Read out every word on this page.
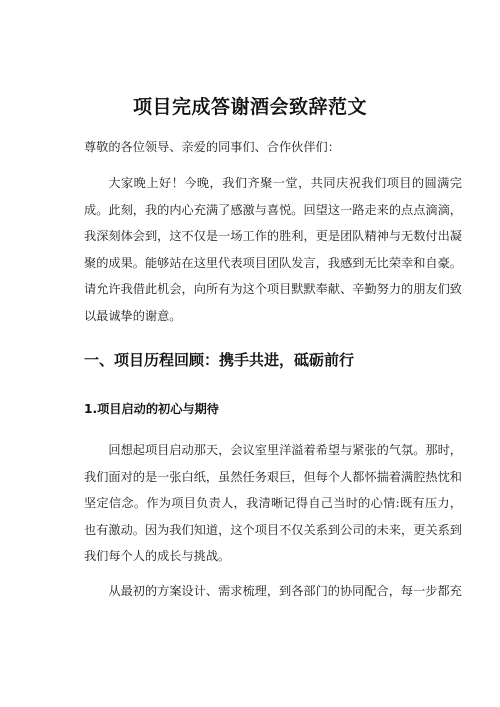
项目完成答谢酒会致辞范文

尊敬的各位领导、亲爱的同事们、合作伙伴们：

大家晚上好！今晚，我们齐聚一堂，共同庆祝我们项目的圆满完成。此刻，我的内心充满了感激与喜悦。回望这一路走来的点点滴滴，我深刻体会到，这不仅是一场工作的胜利，更是团队精神与无数付出凝聚的成果。能够站在这里代表项目团队发言，我感到无比荣幸和自豪。请允许我借此机会，向所有为这个项目默默奉献、辛勤努力的朋友们致以最诚挚的谢意。

一、项目历程回顾：携手共进，砥砺前行
1.项目启动的初心与期待

回想起项目启动那天，会议室里洋溢着希望与紧张的气氛。那时，我们面对的是一张白纸，虽然任务艰巨，但每个人都怀揣着满腔热忱和坚定信念。作为项目负责人，我清晰记得自己当时的心情:既有压力，也有激动。因为我们知道，这个项目不仅关系到公司的未来，更关系到我们每个人的成长与挑战。

从最初的方案设计、需求梳理，到各部门的协同配合，每一步都充
